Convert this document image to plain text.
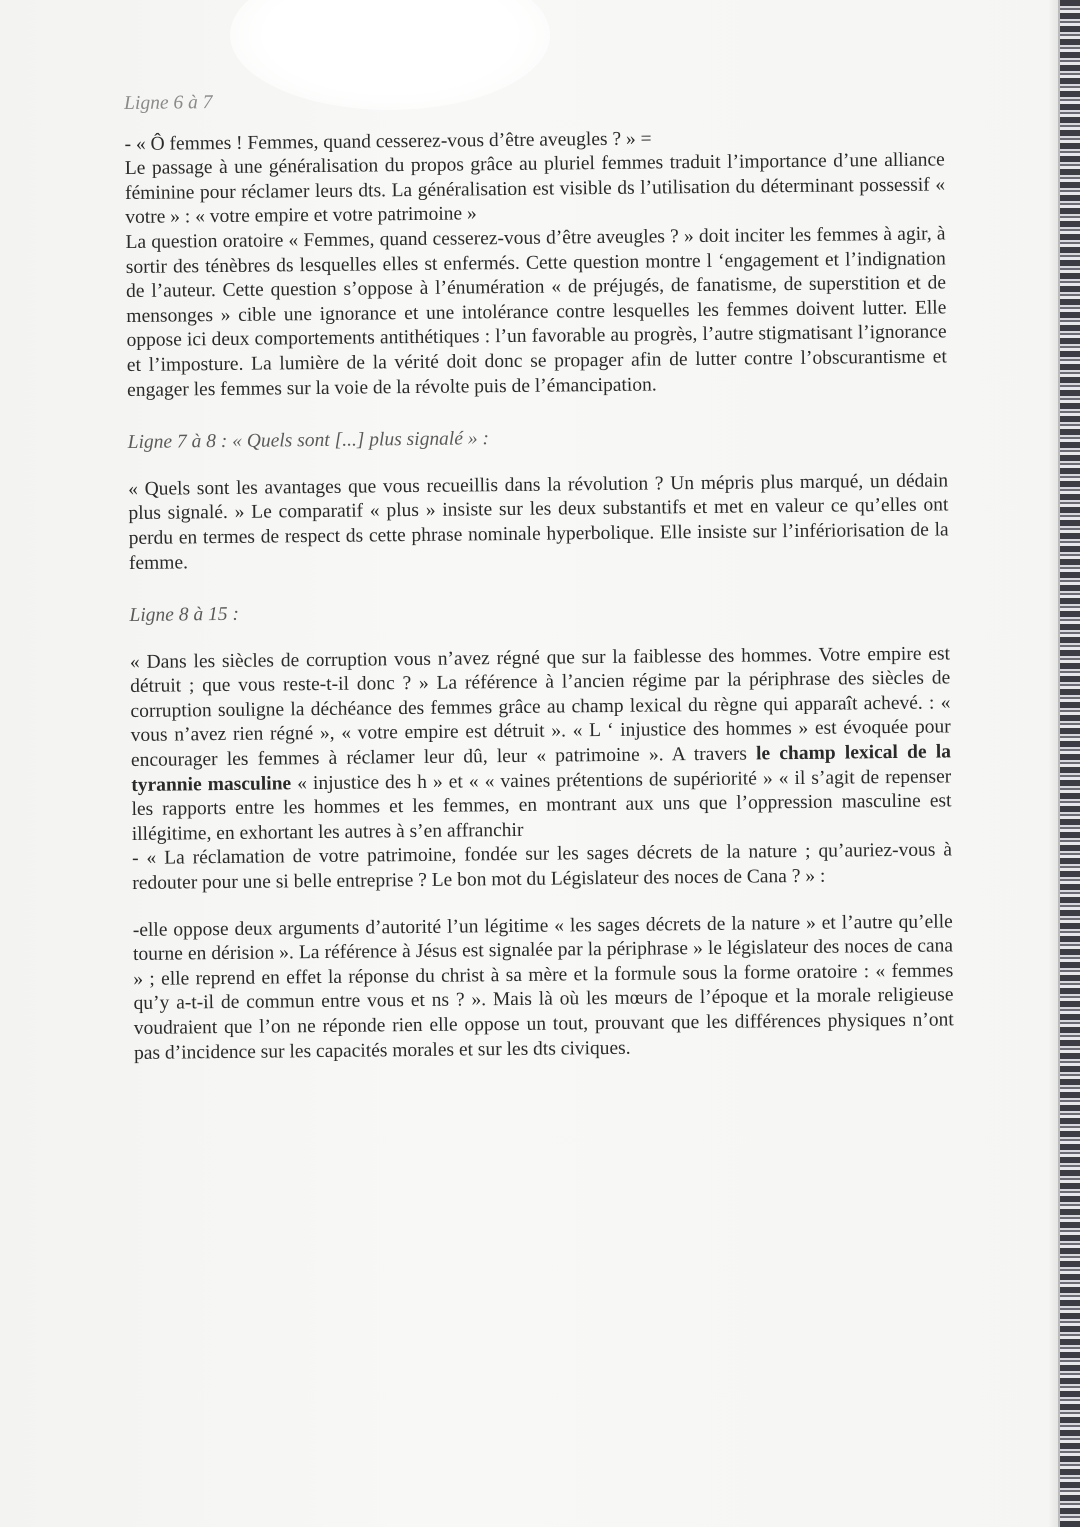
Ligne 6 à 7

- « Ô femmes ! Femmes, quand cesserez-vous d’être aveugles ? » =

Le passage à une généralisation du propos grâce au pluriel femmes traduit l’importance d’une alliance féminine pour réclamer leurs dts. La généralisation est visible ds l’utilisation du déterminant possessif « votre » : « votre empire et votre patrimoine »

La question oratoire « Femmes, quand cesserez-vous d’être aveugles ? » doit inciter les femmes à agir, à sortir des ténèbres ds lesquelles elles st enfermés. Cette question montre l ‘engagement et l’indignation de l’auteur. Cette question s’oppose à l’énumération « de préjugés, de fanatisme, de superstition et de mensonges » cible une ignorance et une intolérance contre lesquelles les femmes doivent lutter. Elle oppose ici deux comportements antithétiques : l’un favorable au progrès, l’autre stigmatisant l’ignorance et l’imposture. La lumière de la vérité doit donc se propager afin de lutter contre l’obscurantisme et engager les femmes sur la voie de la révolte puis de l’émancipation.

Ligne 7 à 8 : « Quels sont [...] plus signalé » :

« Quels sont les avantages que vous recueillis dans la révolution ? Un mépris plus marqué, un dédain plus signalé. » Le comparatif « plus » insiste sur les deux substantifs et met en valeur ce qu’elles ont perdu en termes de respect ds cette phrase nominale hyperbolique. Elle insiste sur l’infériorisation de la femme.

Ligne 8 à 15 :

« Dans les siècles de corruption vous n’avez régné que sur la faiblesse des hommes. Votre empire est détruit ; que vous reste-t-il donc ? » La référence à l’ancien régime par la périphrase des siècles de corruption souligne la déchéance des femmes grâce au champ lexical du règne qui apparaît achevé. : « vous n’avez rien régné », « votre empire est détruit ». « L ‘ injustice des hommes » est évoquée pour encourager les femmes à réclamer leur dû, leur « patrimoine ». A travers le champ lexical de la tyrannie masculine « injustice des h » et « « vaines prétentions de supériorité » « il s’agit de repenser les rapports entre les hommes et les femmes, en montrant aux uns que l’oppression masculine est illégitime, en exhortant les autres à s’en affranchir

- « La réclamation de votre patrimoine, fondée sur les sages décrets de la nature ; qu’auriez-vous à redouter pour une si belle entreprise ? Le bon mot du Législateur des noces de Cana ? » :

-elle oppose deux arguments d’autorité l’un légitime « les sages décrets de la nature » et l’autre qu’elle tourne en dérision ». La référence à Jésus est signalée par la périphrase » le législateur des noces de cana » ; elle reprend en effet la réponse du christ à sa mère et la formule sous la forme oratoire : « femmes qu’y a-t-il de commun entre vous et ns ? ». Mais là où les mœurs de l’époque et la morale religieuse voudraient que l’on ne réponde rien elle oppose un tout, prouvant que les différences physiques n’ont pas d’incidence sur les capacités morales et sur les dts civiques.
